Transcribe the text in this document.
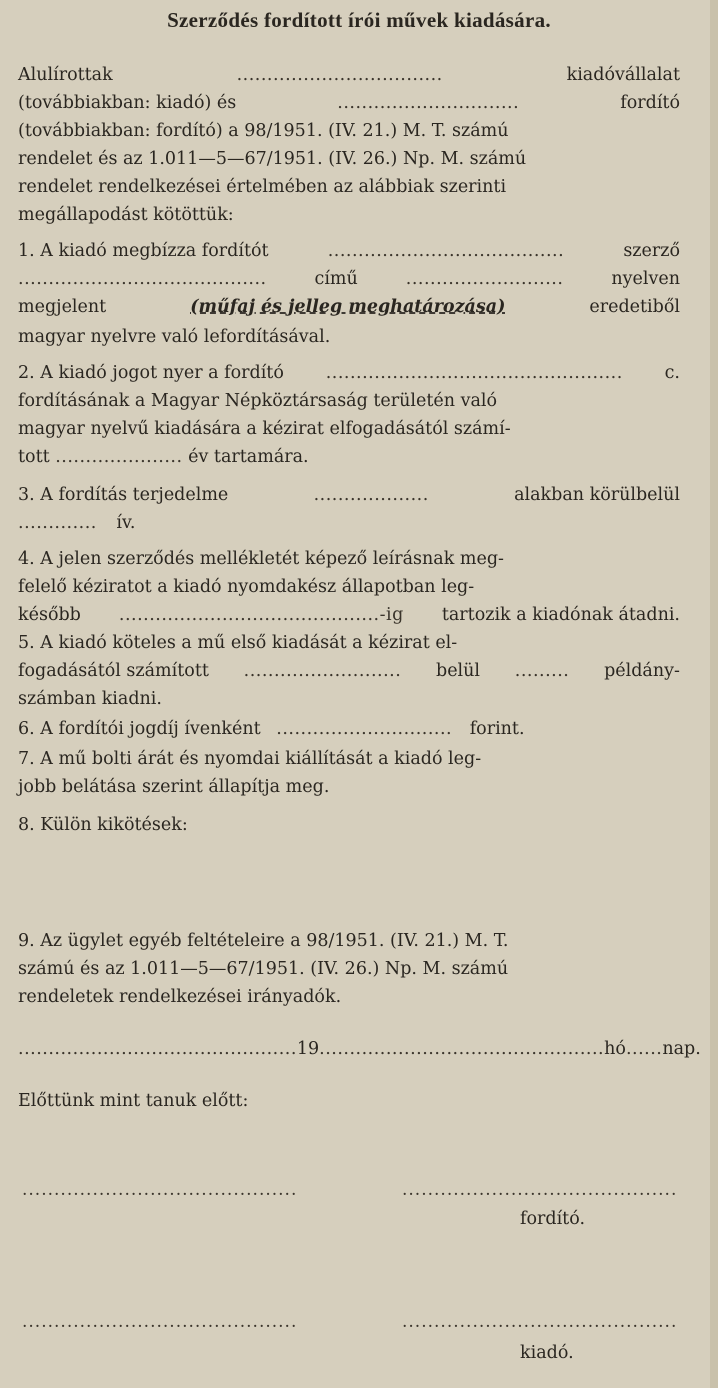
Szerződés fordított írói művek kiadására.
Alulírottak	..................................	kiadóvállalat
(továbbiakban: kiadó) és	..............................	fordító
(továbbiakban: fordító) a 98/1951. (IV. 21.) M. T. számú
rendelet és az 1.011—5—67/1951. (IV. 26.) Np. M. számú
rendelet rendelkezései értelmében az alábbiak szerinti
megállapodást kötöttük:
1. A kiadó megbízza fordítót	.......................................	szerző
.........................................	című	..........................	nyelven
megjelent	(műfaj és jelleg meghatározása)	eredetiből
magyar nyelvre való lefordításával.
2. A kiadó jogot nyer a fordító ................................................. c.
fordításának a Magyar Népköztársaság területén való
magyar nyelvű kiadására a kézirat elfogadásától számí-
tott ..................... év tartamára.
3. A fordítás terjedelme	...................	alakban körülbelül
............. ív.
4. A jelen szerződés mellékletét képező leírásnak meg-
felelő kéziratot a kiadó nyomdakész állapotban leg-
később ...........................................-ig tartozik a kiadónak átadni.
5. A kiadó köteles a mű első kiadását a kézirat el-
fogadásától számított .......................... belül ......... példány-
számban kiadni.
6. A fordítói jogdíj ívenként ............................. forint.
7. A mű bolti árát és nyomdai kiállítását a kiadó leg-
jobb belátása szerint állapítja meg.
8. Külön kikötések:
9. Az ügylet egyéb feltételeire a 98/1951. (IV. 21.) M. T.
számú és az 1.011—5—67/1951. (IV. 26.) Np. M. számú
rendeletek rendelkezései irányadók.
.............................................. 19 ............................................... hó ...... nap.
Előttünk mint tanuk előtt:
...........................................	...........................................
fordító.
...........................................	...........................................
kiadó.
